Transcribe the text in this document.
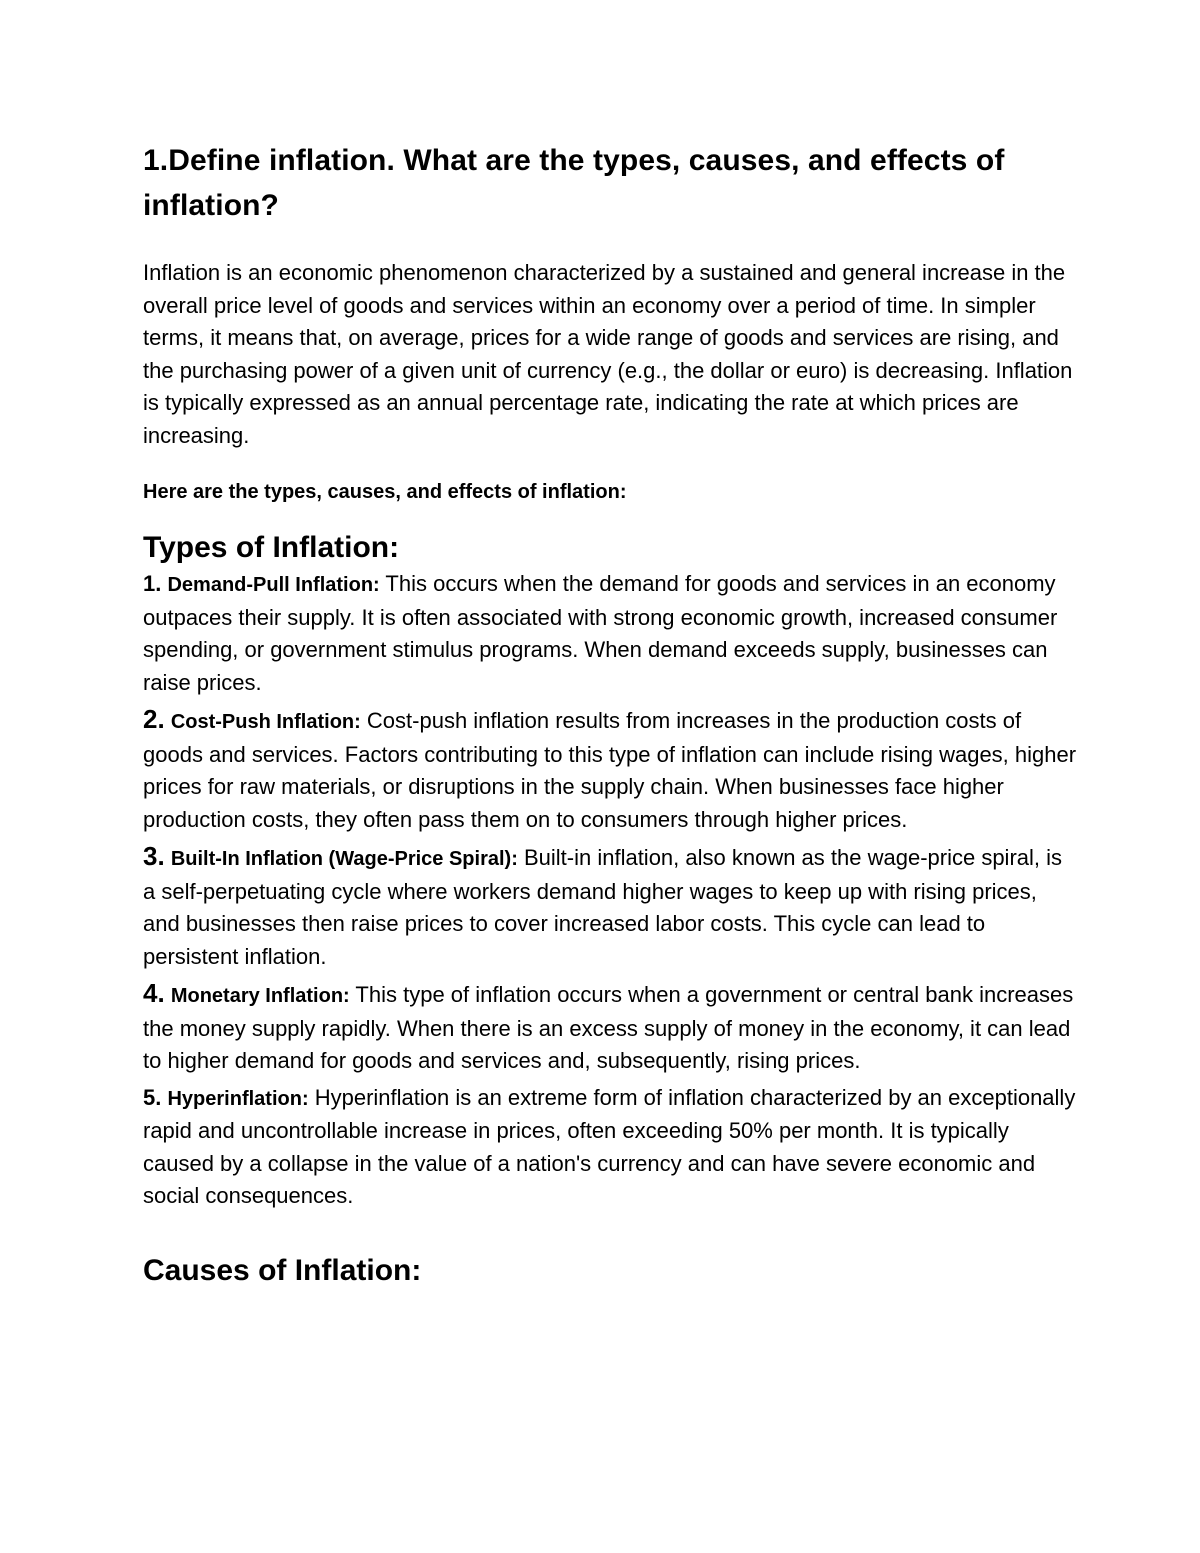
1.Define inflation. What are the types, causes, and effects of inflation?

Inflation is an economic phenomenon characterized by a sustained and general increase in the overall price level of goods and services within an economy over a period of time. In simpler terms, it means that, on average, prices for a wide range of goods and services are rising, and the purchasing power of a given unit of currency (e.g., the dollar or euro) is decreasing. Inflation is typically expressed as an annual percentage rate, indicating the rate at which prices are increasing.

Here are the types, causes, and effects of inflation:

Types of Inflation:

1. Demand-Pull Inflation: This occurs when the demand for goods and services in an economy outpaces their supply. It is often associated with strong economic growth, increased consumer spending, or government stimulus programs. When demand exceeds supply, businesses can raise prices.

2. Cost-Push Inflation: Cost-push inflation results from increases in the production costs of goods and services. Factors contributing to this type of inflation can include rising wages, higher prices for raw materials, or disruptions in the supply chain. When businesses face higher production costs, they often pass them on to consumers through higher prices.

3. Built-In Inflation (Wage-Price Spiral): Built-in inflation, also known as the wage-price spiral, is a self-perpetuating cycle where workers demand higher wages to keep up with rising prices, and businesses then raise prices to cover increased labor costs. This cycle can lead to persistent inflation.

4. Monetary Inflation: This type of inflation occurs when a government or central bank increases the money supply rapidly. When there is an excess supply of money in the economy, it can lead to higher demand for goods and services and, subsequently, rising prices.

5. Hyperinflation: Hyperinflation is an extreme form of inflation characterized by an exceptionally rapid and uncontrollable increase in prices, often exceeding 50% per month. It is typically caused by a collapse in the value of a nation's currency and can have severe economic and social consequences.

Causes of Inflation:
